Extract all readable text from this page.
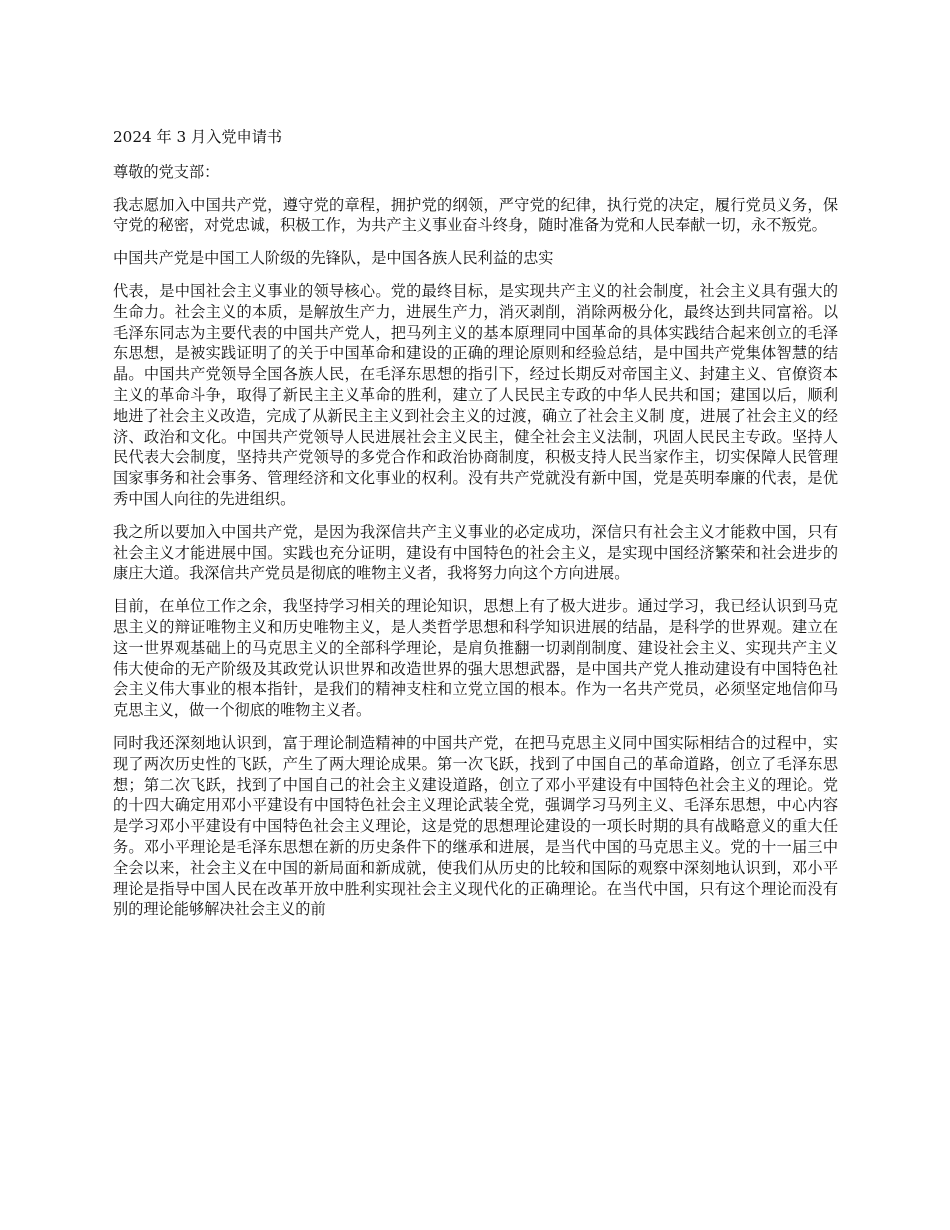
2024 年 3 月入党申请书

尊敬的党支部：

我志愿加入中国共产党，遵守党的章程，拥护党的纲领，严守党的纪律，执行党的决定，履行党员义务，保守党的秘密，对党忠诚，积极工作，为共产主义事业奋斗终身，随时准备为党和人民奉献一切，永不叛党。

中国共产党是中国工人阶级的先锋队，是中国各族人民利益的忠实

代表，是中国社会主义事业的领导核心。党的最终目标，是实现共产主义的社会制度，社会主义具有强大的生命力。社会主义的本质，是解放生产力，进展生产力，消灭剥削，消除两极分化，最终达到共同富裕。以毛泽东同志为主要代表的中国共产党人，把马列主义的基本原理同中国革命的具体实践结合起来创立的毛泽东思想，是被实践证明了的关于中国革命和建设的正确的理论原则和经验总结，是中国共产党集体智慧的结晶。中国共产党领导全国各族人民，在毛泽东思想的指引下，经过长期反对帝国主义、封建主义、官僚资本主义的革命斗争，取得了新民主主义革命的胜利，建立了人民民主专政的中华人民共和国；建国以后，顺利地进了社会主义改造，完成了从新民主主义到社会主义的过渡，确立了社会主义制 度，进展了社会主义的经济、政治和文化。中国共产党领导人民进展社会主义民主，健全社会主义法制，巩固人民民主专政。坚持人民代表大会制度，坚持共产党领导的多党合作和政治协商制度，积极支持人民当家作主，切实保障人民管理国家事务和社会事务、管理经济和文化事业的权利。没有共产党就没有新中国，党是英明奉廉的代表，是优秀中国人向往的先进组织。

我之所以要加入中国共产党，是因为我深信共产主义事业的必定成功，深信只有社会主义才能救中国，只有社会主义才能进展中国。实践也充分证明，建设有中国特色的社会主义，是实现中国经济繁荣和社会进步的康庄大道。我深信共产党员是彻底的唯物主义者，我将努力向这个方向进展。

目前，在单位工作之余，我坚持学习相关的理论知识，思想上有了极大进步。通过学习，我已经认识到马克思主义的辩证唯物主义和历史唯物主义，是人类哲学思想和科学知识进展的结晶，是科学的世界观。建立在这一世界观基础上的马克思主义的全部科学理论，是肩负推翻一切剥削制度、建设社会主义、实现共产主义伟大使命的无产阶级及其政党认识世界和改造世界的强大思想武器，是中国共产党人推动建设有中国特色社会主义伟大事业的根本指针，是我们的精神支柱和立党立国的根本。作为一名共产党员，必须坚定地信仰马克思主义，做一个彻底的唯物主义者。

同时我还深刻地认识到，富于理论制造精神的中国共产党，在把马克思主义同中国实际相结合的过程中，实现了两次历史性的飞跃，产生了两大理论成果。第一次飞跃，找到了中国自己的革命道路，创立了毛泽东思想；第二次飞跃，找到了中国自己的社会主义建设道路，创立了邓小平建设有中国特色社会主义的理论。党的十四大确定用邓小平建设有中国特色社会主义理论武装全党，强调学习马列主义、毛泽东思想，中心内容是学习邓小平建设有中国特色社会主义理论，这是党的思想理论建设的一项长时期的具有战略意义的重大任务。邓小平理论是毛泽东思想在新的历史条件下的继承和进展，是当代中国的马克思主义。党的十一届三中全会以来，社会主义在中国的新局面和新成就，使我们从历史的比较和国际的观察中深刻地认识到，邓小平理论是指导中国人民在改革开放中胜利实现社会主义现代化的正确理论。在当代中国，只有这个理论而没有别的理论能够解决社会主义的前
